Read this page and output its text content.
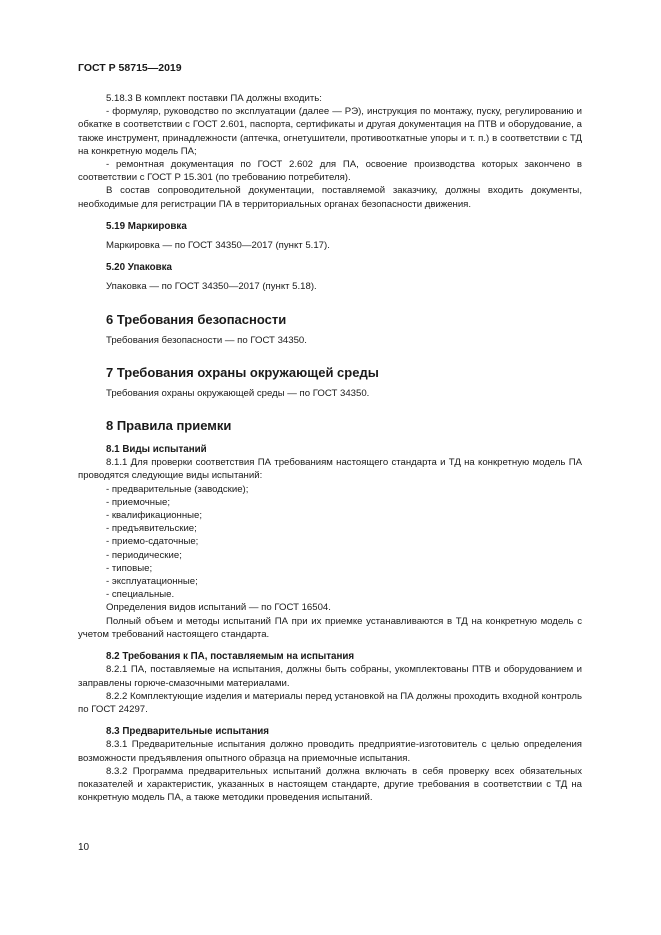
ГОСТ Р 58715—2019

5.18.3 В комплект поставки ПА должны входить:

- формуляр, руководство по эксплуатации (далее — РЭ), инструкция по монтажу, пуску, регулированию и обкатке в соответствии с ГОСТ 2.601, паспорта, сертификаты и другая документация на ПТВ и оборудование, а также инструмент, принадлежности (аптечка, огнетушители, противооткатные упоры и т. п.) в соответствии с ТД на конкретную модель ПА;

- ремонтная документация по ГОСТ 2.602 для ПА, освоение производства которых закончено в соответствии с ГОСТ Р 15.301 (по требованию потребителя).

В состав сопроводительной документации, поставляемой заказчику, должны входить документы, необходимые для регистрации ПА в территориальных органах безопасности движения.

5.19 Маркировка

Маркировка — по ГОСТ 34350—2017 (пункт 5.17).

5.20 Упаковка

Упаковка — по ГОСТ 34350—2017 (пункт 5.18).

6 Требования безопасности

Требования безопасности — по ГОСТ 34350.

7 Требования охраны окружающей среды

Требования охраны окружающей среды — по ГОСТ 34350.

8 Правила приемки
8.1 Виды испытаний

8.1.1 Для проверки соответствия ПА требованиям настоящего стандарта и ТД на конкретную модель ПА проводятся следующие виды испытаний:

- предварительные (заводские);

- приемочные;

- квалификационные;

- предъявительские;

- приемо-сдаточные;

- периодические;

- типовые;

- эксплуатационные;

- специальные.

Определения видов испытаний — по ГОСТ 16504.

Полный объем и методы испытаний ПА при их приемке устанавливаются в ТД на конкретную модель с учетом требований настоящего стандарта.

8.2 Требования к ПА, поставляемым на испытания

8.2.1 ПА, поставляемые на испытания, должны быть собраны, укомплектованы ПТВ и оборудованием и заправлены горюче-смазочными материалами.

8.2.2 Комплектующие изделия и материалы перед установкой на ПА должны проходить входной контроль по ГОСТ 24297.

8.3 Предварительные испытания

8.3.1 Предварительные испытания должно проводить предприятие-изготовитель с целью определения возможности предъявления опытного образца на приемочные испытания.

8.3.2 Программа предварительных испытаний должна включать в себя проверку всех обязательных показателей и характеристик, указанных в настоящем стандарте, другие требования в соответствии с ТД на конкретную модель ПА, а также методики проведения испытаний.

10
